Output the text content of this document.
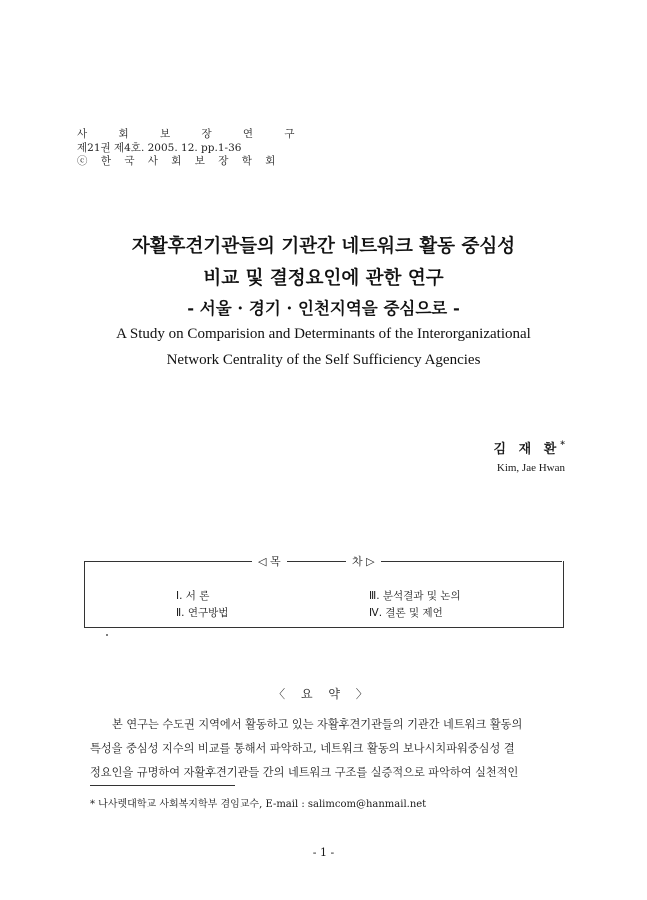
사 회 보 장 연 구
제21권 제4호. 2005. 12. pp.1-36
ⓒ 한 국 사 회 보 장 학 회
자활후견기관들의 기관간 네트워크 활동 중심성
비교 및 결정요인에 관한 연구
- 서울 · 경기 · 인천지역을 중심으로 -
A Study on Comparision and Determinants of the Interorganizational
Network Centrality of the Self Sufficiency Agencies
김 재 환*
Kim, Jae Hwan
◁ 목	차 ▷
Ⅰ. 서 론
Ⅱ. 연구방법
Ⅲ. 분석결과 및 논의
Ⅳ. 결론 및 제언
〈 요 약 〉
본 연구는 수도권 지역에서 활동하고 있는 자활후견기관들의 기관간 네트워크 활동의
특성을 중심성 지수의 비교를 통해서 파악하고, 네트워크 활동의 보나시치파워중심성 결
정요인을 규명하여 자활후견기관들 간의 네트워크 구조를 실증적으로 파악하여 실천적인
* 나사렛대학교 사회복지학부 겸임교수, E-mail : salimcom@hanmail.net
- 1 -
